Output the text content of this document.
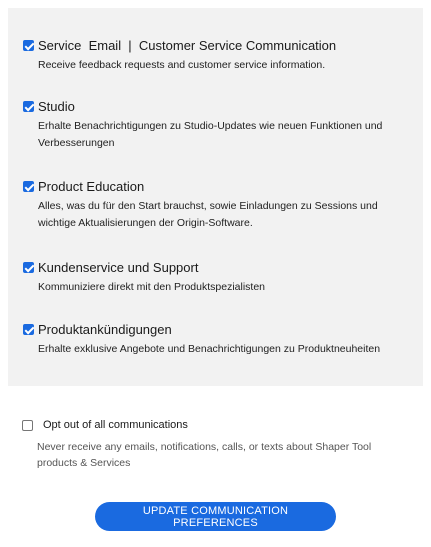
Service  Email  |  Customer Service Communication
Receive feedback requests and customer service information.
Studio
Erhalte Benachrichtigungen zu Studio-Updates wie neuen Funktionen und Verbesserungen
Product Education
Alles, was du für den Start brauchst, sowie Einladungen zu Sessions und wichtige Aktualisierungen der Origin-Software.
Kundenservice und Support
Kommuniziere direkt mit den Produktspezialisten
Produktankündigungen
Erhalte exklusive Angebote und Benachrichtigungen zu Produktneuheiten
Opt out of all communications
Never receive any emails, notifications, calls, or texts about Shaper Tool products & Services
UPDATE COMMUNICATION PREFERENCES
